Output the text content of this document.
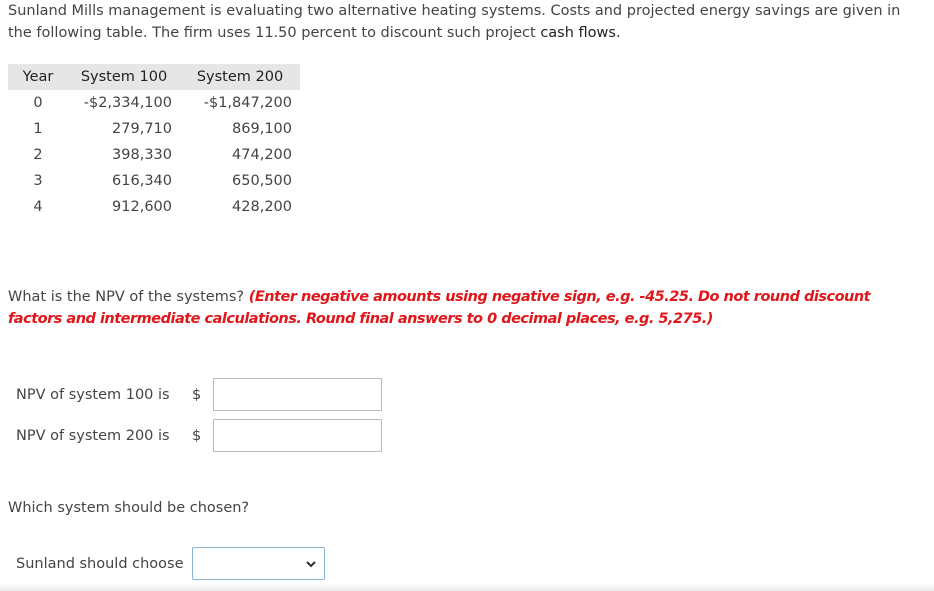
Sunland Mills management is evaluating two alternative heating systems. Costs and projected energy savings are given in the following table. The firm uses 11.50 percent to discount such project cash flows.
Year	System 100	System 200
0	-$2,334,100	-$1,847,200
1	279,710	869,100
2	398,330	474,200
3	616,340	650,500
4	912,600	428,200
What is the NPV of the systems? (Enter negative amounts using negative sign, e.g. -45.25. Do not round discount factors and intermediate calculations. Round final answers to 0 decimal places, e.g. 5,275.)
NPV of system 100 is	$
NPV of system 200 is	$
Which system should be chosen?
Sunland should choose
